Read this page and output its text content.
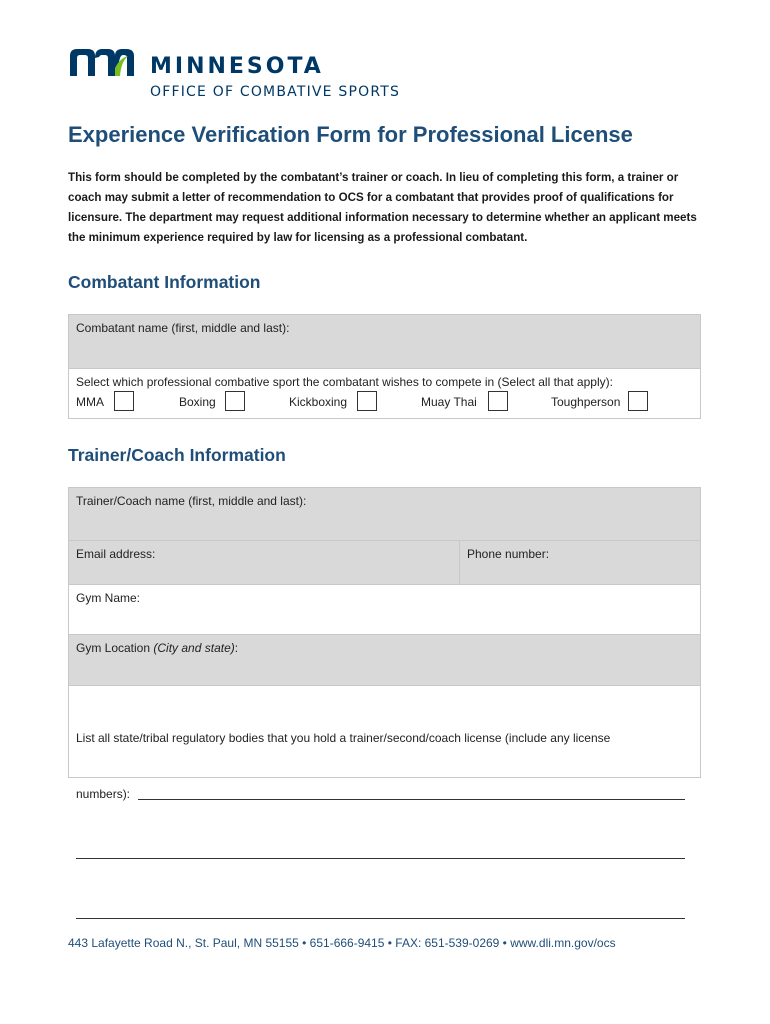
MINNESOTA
OFFICE OF COMBATIVE SPORTS
Experience Verification Form for Professional License

This form should be completed by the combatant’s trainer or coach. In lieu of completing this form, a trainer or coach may submit a letter of recommendation to OCS for a combatant that provides proof of qualifications for licensure. The department may request additional information necessary to determine whether an applicant meets the minimum experience required by law for licensing as a professional combatant.

Combatant Information
Combatant name (first, middle and last):
Select which professional combative sport the combatant wishes to compete in (Select all that apply):
MMA	Boxing	Kickboxing	Muay Thai	Toughperson
Trainer/Coach Information
Trainer/Coach name (first, middle and last):
Email address:	Phone number:
Gym Name:
Gym Location (City and state):

List all state/tribal regulatory bodies that you hold a trainer/second/coach license (include any license

numbers):

443 Lafayette Road N., St. Paul, MN 55155 • 651-666-9415 • FAX: 651-539-0269 • www.dli.mn.gov/ocs
